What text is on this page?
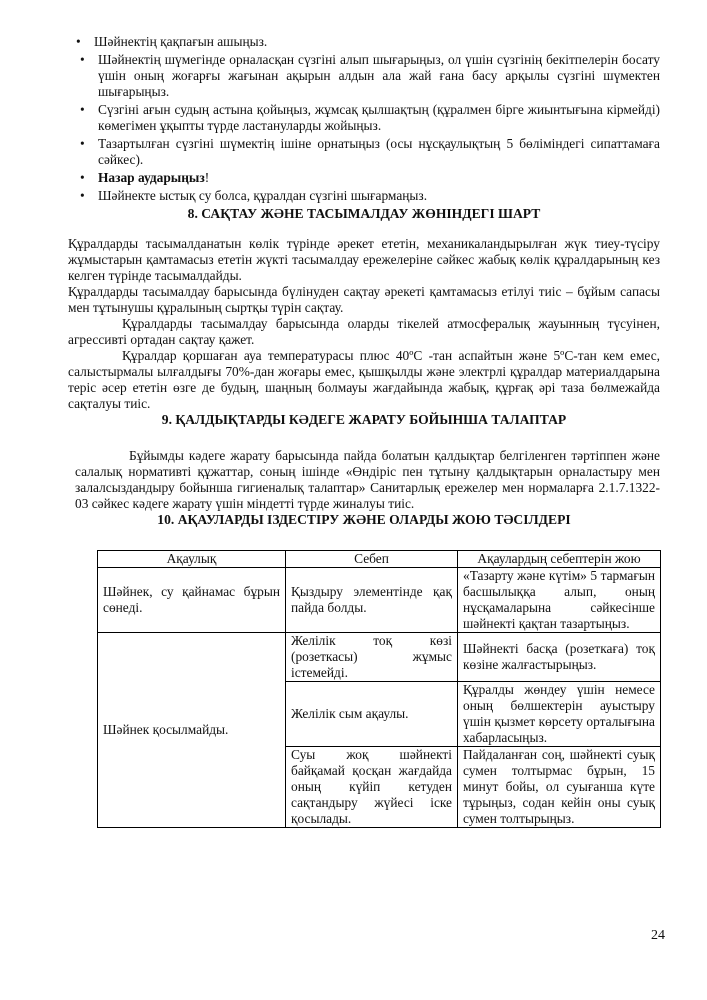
• Шәйнектің қақпағын ашыңыз.
• Шәйнектің шүмегінде орналасқан сүзгіні алып шығарыңыз, ол үшін сүзгінің бекітпелерін босату үшін оның жоғарғы жағынан ақырын алдын ала жай ғана басу арқылы сүзгіні шүмектен шығарыңыз.
• Сүзгіні ағын судың астына қойыңыз, жұмсақ қылшақтың (құралмен бірге жиынтығына кірмейді) көмегімен ұқыпты түрде ластануларды жойыңыз.
• Тазартылған сүзгіні шүмектің ішіне орнатыңыз (осы нұсқаулықтың 5 бөліміндегі сипаттамаға сәйкес).
• Назар аударыңыз!
• Шәйнекте ыстық су болса, құралдан сүзгіні шығармаңыз.
8. САҚТАУ ЖӘНЕ ТАСЫМАЛДАУ ЖӨНІНДЕГІ ШАРТ

Құралдарды тасымалданатын көлік түрінде әрекет ететін, механикаландырылған жүк тиеу-түсіру жұмыстарын қамтамасыз ететін жүкті тасымалдау ережелеріне сәйкес жабық көлік құралдарының кез келген түрінде тасымалдайды.

Құралдарды тасымалдау барысында бүлінуден сақтау әрекеті қамтамасыз етілуі тиіс – бұйым сапасы мен тұтынушы құралының сыртқы түрін сақтау.

Құралдарды тасымалдау барысында оларды тікелей атмосфералық жауынның түсуінен, агрессивті ортадан сақтау қажет.

Құралдар қоршаған ауа температурасы плюс 40ºС -тан аспайтын және 5ºС-тан кем емес, салыстырмалы ылғалдығы 70%-дан жоғары емес, қышқылды және электрлі құралдар материалдарына теріс әсер ететін өзге де будың, шаңның болмауы жағдайында жабық, құрғақ әрі таза бөлмежайда сақталуы тиіс.

9. ҚАЛДЫҚТАРДЫ КӘДЕГЕ ЖАРАТУ БОЙЫНША ТАЛАПТАР

Бұйымды кәдеге жарату барысында пайда болатын қалдықтар белгіленген тәртіппен және салалық нормативті құжаттар, соның ішінде «Өндіріс пен тұтыну қалдықтарын орналастыру мен залалсыздандыру бойынша гигиеналық талаптар» Санитарлық ережелер мен нормаларға 2.1.7.1322-03 сәйкес кәдеге жарату үшін міндетті түрде жиналуы тиіс.

10. АҚАУЛАРДЫ ІЗДЕСТІРУ ЖӘНЕ ОЛАРДЫ ЖОЮ ТӘСІЛДЕРІ
Ақаулық	Себеп	Ақаулардың себептерін жою
Шәйнек, су қайнамас бұрын сөнеді.	Қыздыру элементінде қақ пайда болды.	«Тазарту және күтім» 5 тармағын басшылыққа алып, оның нұсқамаларына сәйкесінше шәйнекті қақтан тазартыңыз.
Шәйнек қосылмайды.	Желілік тоқ көзі (розеткасы) жұмыс істемейді.	Шәйнекті басқа (розеткаға) тоқ көзіне жалғастырыңыз.
	Желілік сым ақаулы.	Құралды жөндеу үшін немесе оның бөлшектерін ауыстыру үшін қызмет көрсету орталығына хабарласыңыз.
	Суы жоқ шәйнекті байқамай қосқан жағдайда оның күйіп кетуден сақтандыру жүйесі іске қосылады.	Пайдаланған соң, шәйнекті суық сумен толтырмас бұрын, 15 минут бойы, ол суығанша күте тұрыңыз, содан кейін оны суық сумен толтырыңыз.
24
